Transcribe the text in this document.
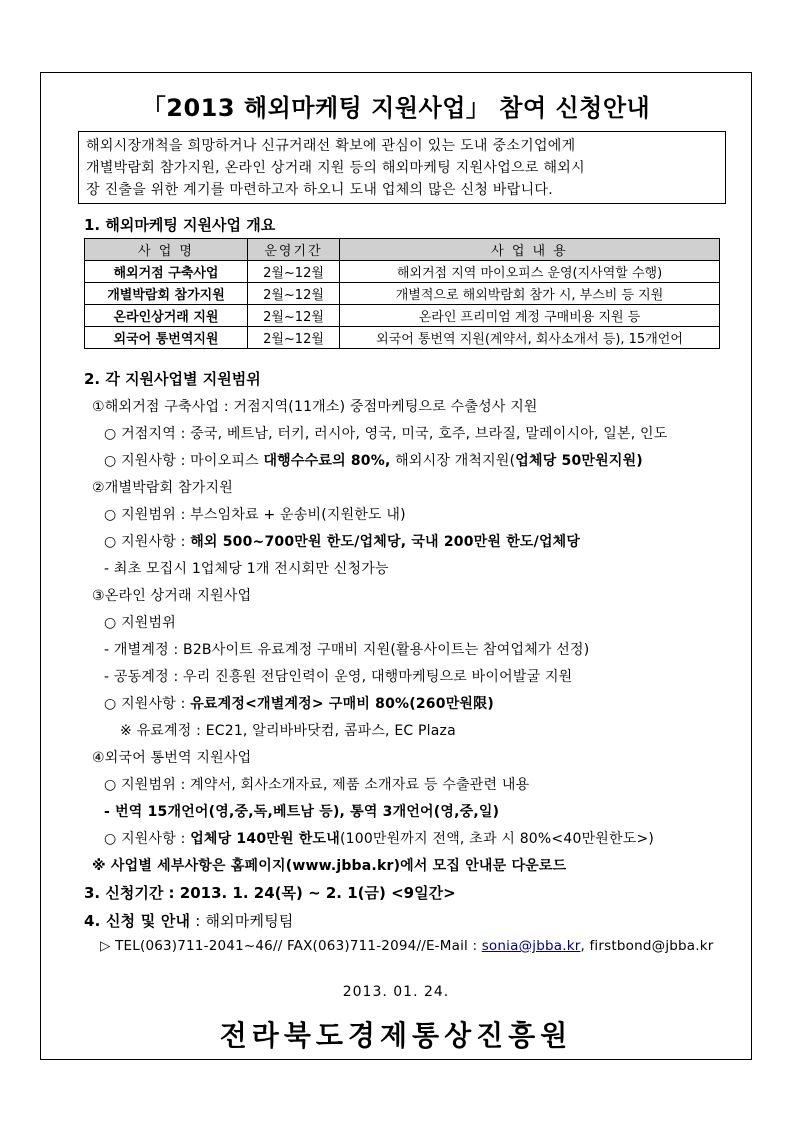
「2013 해외마케팅 지원사업」 참여 신청안내
해외시장개척을 희망하거나 신규거래선 확보에 관심이 있는 도내 중소기업에게
개별박람회 참가지원, 온라인 상거래 지원 등의 해외마케팅 지원사업으로 해외시
장 진출을 위한 계기를 마련하고자 하오니 도내 업체의 많은 신청 바랍니다.
1. 해외마케팅 지원사업 개요
사 업 명	운영기간	사 업 내 용
해외거점 구축사업	2월~12월	해외거점 지역 마이오피스 운영(지사역할 수행)
개별박람회 참가지원	2월~12월	개별적으로 해외박람회 참가 시, 부스비 등 지원
온라인상거래 지원	2월~12월	온라인 프리미엄 계정 구매비용 지원 등
외국어 통번역지원	2월~12월	외국어 통번역 지원(계약서, 회사소개서 등), 15개언어
2. 각 지원사업별 지원범위
①해외거점 구축사업 : 거점지역(11개소) 중점마케팅으로 수출성사 지원
○ 거점지역 : 중국, 베트남, 터키, 러시아, 영국, 미국, 호주, 브라질, 말레이시아, 일본, 인도
○ 지원사항 : 마이오피스 대행수수료의 80%, 해외시장 개척지원(업체당 50만원지원)
②개별박람회 참가지원
○ 지원범위 : 부스임차료 + 운송비(지원한도 내)
○ 지원사항 : 해외 500~700만원 한도/업체당, 국내 200만원 한도/업체당
- 최초 모집시 1업체당 1개 전시회만 신청가능
③온라인 상거래 지원사업
○ 지원범위
- 개별계정 : B2B사이트 유료계정 구매비 지원(활용사이트는 참여업체가 선정)
- 공동계정 : 우리 진흥원 전담인력이 운영, 대행마케팅으로 바이어발굴 지원
○ 지원사항 : 유료계정<개별계정> 구매비 80%(260만원限)
※ 유료계정 : EC21, 알리바바닷컴, 콤파스, EC Plaza
④외국어 통번역 지원사업
○ 지원범위 : 계약서, 회사소개자료, 제품 소개자료 등 수출관련 내용
- 번역 15개언어(영,중,독,베트남 등), 통역 3개언어(영,중,일)
○ 지원사항 : 업체당 140만원 한도내(100만원까지 전액, 초과 시 80%<40만원한도>)
※ 사업별 세부사항은 홈페이지(www.jbba.kr)에서 모집 안내문 다운로드
3. 신청기간 : 2013. 1. 24(목) ~ 2. 1(금) <9일간>
4. 신청 및 안내 : 해외마케팅팀
▷ TEL(063)711-2041~46// FAX(063)711-2094//E-Mail : sonia@jbba.kr, firstbond@jbba.kr
2013. 01. 24.
전라북도경제통상진흥원
